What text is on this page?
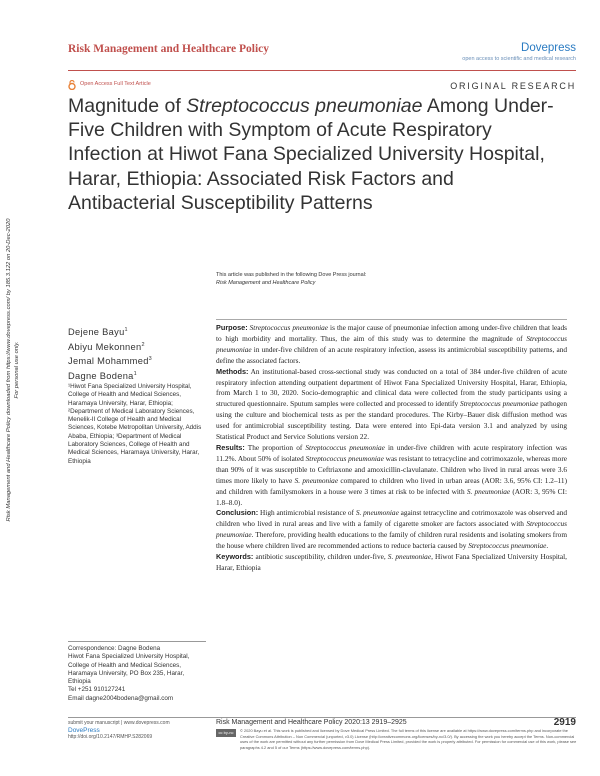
Risk Management and Healthcare Policy	Dovepress
open access to scientific and medical research
Open Access Full Text Article	ORIGINAL RESEARCH
Magnitude of Streptococcus pneumoniae Among Under-Five Children with Symptom of Acute Respiratory Infection at Hiwot Fana Specialized University Hospital, Harar, Ethiopia: Associated Risk Factors and Antibacterial Susceptibility Patterns
Risk Management and Healthcare Policy downloaded from https://www.dovepress.com/ by 185.3.122 on 20-Dec-2020 For personal use only.
This article was published in the following Dove Press journal:
Risk Management and Healthcare Policy
Dejene Bayu$^1$
Abiyu Mekonnen$^2$
Jemal Mohammed$^3$
Dagne Bodena$^1$
¹Hiwot Fana Specialized University Hospital, College of Health and Medical Sciences, Haramaya University, Harar, Ethiopia; ²Department of Medical Laboratory Sciences, Menelik-II College of Health and Medical Sciences, Kotebe Metropolitan University, Addis Ababa, Ethiopia; ³Department of Medical Laboratory Sciences, College of Health and Medical Sciences, Haramaya University, Harar, Ethiopia
Correspondence: Dagne Bodena
Hiwot Fana Specialized University Hospital, College of Health and Medical Sciences, Haramaya University, PO Box 235, Harar, Ethiopia
Tel +251 910127241
Email dagne2004bodena@gmail.com

Purpose: Streptococcus pneumoniae is the major cause of pneumoniae infection among under-five children that leads to high morbidity and mortality. Thus, the aim of this study was to determine the magnitude of Streptococcus pneumoniae in under-five children of an acute respiratory infection, assess its antimicrobial susceptibility patterns, and define the associated factors.

Methods: An institutional-based cross-sectional study was conducted on a total of 384 under-five children of acute respiratory infection attending outpatient department of Hiwot Fana Specialized University Hospital, Harar, Ethiopia, from March 1 to 30, 2020. Socio-demographic and clinical data were collected from the study participants using a structured questionnaire. Sputum samples were collected and processed to identify Streptococcus pneumoniae pathogen using the culture and biochemical tests as per the standard procedures. The Kirby–Bauer disk diffusion method was used for antimicrobial susceptibility testing. Data were entered into Epi-data version 3.1 and analyzed by using Statistical Product and Service Solutions version 22.

Results: The proportion of Streptococcus pneumoniae in under-five children with acute respiratory infection was 11.2%. About 50% of isolated Streptococcus pneumoniae was resistant to tetracycline and cotrimoxazole, whereas more than 90% of it was susceptible to Ceftriaxone and amoxicillin-clavulanate. Children who lived in rural areas were 3.6 times more likely to have S. pneumoniae compared to children who lived in urban areas (AOR: 3.6, 95% CI: 1.2–11) and children with familysmokers in a house were 3 times at risk to be infected with S. pneumoniae (AOR: 3, 95% CI: 1.8–8.0).

Conclusion: High antimicrobial resistance of S. pneumoniae against tetracycline and cotrimoxazole was observed and children who lived in rural areas and live with a family of cigarette smoker are factors associated with Streptococcus pneumoniae. Therefore, providing health educations to the family of children rural residents and isolating smokers from the house where children lived are recommended actions to reduce bacteria caused by Streptococcus pneumoniae.

Keywords: antibiotic susceptibility, children under-five, S. pneumoniae, Hiwot Fana Specialized University Hospital, Harar, Ethiopia

submit your manuscript | www.dovepress.com
DovePress
http://doi.org/10.2147/RMHP.S282069
Risk Management and Healthcare Policy 2020:13 2919–2925	2919
cc by-nc	© 2020 Bayu et al. This work is published and licensed by Dove Medical Press Limited. The full terms of this license are available at https://www.dovepress.com/terms.php and incorporate the Creative Commons Attribution – Non Commercial (unported, v3.0) License (http://creativecommons.org/licenses/by-nc/3.0/). By accessing the work you hereby accept the Terms. Non-commercial uses of the work are permitted without any further permission from Dove Medical Press Limited, provided the work is properly attributed. For permission for commercial use of this work, please see paragraphs 4.2 and 5 of our Terms (https://www.dovepress.com/terms.php).
